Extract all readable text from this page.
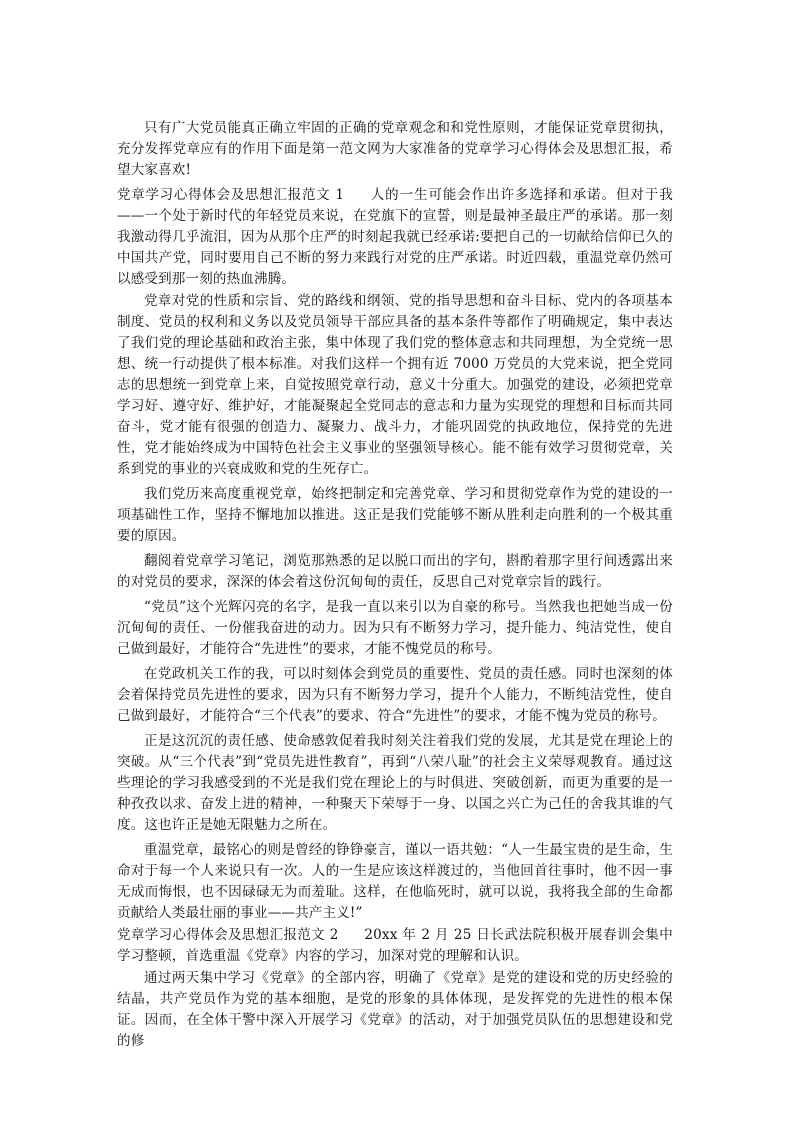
只有广大党员能真正确立牢固的正确的党章观念和和党性原则，才能保证党章贯彻执，充分发挥党章应有的作用下面是第一范文网为大家准备的党章学习心得体会及思想汇报，希望大家喜欢!

党章学习心得体会及思想汇报范文 1 人的一生可能会作出许多选择和承诺。但对于我——一个处于新时代的年轻党员来说，在党旗下的宣誓，则是最神圣最庄严的承诺。那一刻我激动得几乎流泪，因为从那个庄严的时刻起我就已经承诺:要把自己的一切献给信仰已久的中国共产党，同时要用自己不断的努力来践行对党的庄严承诺。时近四载，重温党章仍然可以感受到那一刻的热血沸腾。

党章对党的性质和宗旨、党的路线和纲领、党的指导思想和奋斗目标、党内的各项基本制度、党员的权利和义务以及党员领导干部应具备的基本条件等都作了明确规定，集中表达了我们党的理论基础和政治主张，集中体现了我们党的整体意志和共同理想，为全党统一思想、统一行动提供了根本标准。对我们这样一个拥有近 7000 万党员的大党来说，把全党同志的思想统一到党章上来，自觉按照党章行动，意义十分重大。加强党的建设，必须把党章学习好、遵守好、维护好，才能凝聚起全党同志的意志和力量为实现党的理想和目标而共同奋斗，党才能有很强的创造力、凝聚力、战斗力，才能巩固党的执政地位，保持党的先进性，党才能始终成为中国特色社会主义事业的坚强领导核心。能不能有效学习贯彻党章，关系到党的事业的兴衰成败和党的生死存亡。

我们党历来高度重视党章，始终把制定和完善党章、学习和贯彻党章作为党的建设的一项基础性工作，坚持不懈地加以推进。这正是我们党能够不断从胜利走向胜利的一个极其重要的原因。

翻阅着党章学习笔记，浏览那熟悉的足以脱口而出的字句，斟酌着那字里行间透露出来的对党员的要求，深深的体会着这份沉甸甸的责任，反思自己对党章宗旨的践行。

“党员”这个光辉闪亮的名字，是我一直以来引以为自豪的称号。当然我也把她当成一份沉甸甸的责任、一份催我奋进的动力。因为只有不断努力学习，提升能力、纯洁党性，使自己做到最好，才能符合“先进性”的要求，才能不愧党员的称号。

在党政机关工作的我，可以时刻体会到党员的重要性、党员的责任感。同时也深刻的体会着保持党员先进性的要求，因为只有不断努力学习，提升个人能力，不断纯洁党性，使自己做到最好，才能符合“三个代表”的要求、符合“先进性”的要求，才能不愧为党员的称号。

正是这沉沉的责任感、使命感敦促着我时刻关注着我们党的发展，尤其是党在理论上的突破。从“三个代表”到“党员先进性教育”，再到“八荣八耻”的社会主义荣辱观教育。通过这些理论的学习我感受到的不光是我们党在理论上的与时俱进、突破创新，而更为重要的是一种孜孜以求、奋发上进的精神，一种聚天下荣辱于一身、以国之兴亡为己任的舍我其谁的气度。这也许正是她无限魅力之所在。

重温党章，最铭心的则是曾经的铮铮豪言，谨以一语共勉：“人一生最宝贵的是生命，生命对于每一个人来说只有一次。人的一生是应该这样渡过的，当他回首往事时，他不因一事无成而悔恨，也不因碌碌无为而羞耻。这样，在他临死时，就可以说，我将我全部的生命都贡献给人类最壮丽的事业——共产主义!”

党章学习心得体会及思想汇报范文 2 20xx 年 2 月 25 日长武法院积极开展春训会集中学习整顿，首选重温《党章》内容的学习，加深对党的理解和认识。

通过两天集中学习《党章》的全部内容，明确了《党章》是党的建设和党的历史经验的结晶，共产党员作为党的基本细胞，是党的形象的具体体现，是发挥党的先进性的根本保证。因而，在全体干警中深入开展学习《党章》的活动，对于加强党员队伍的思想建设和党的修
